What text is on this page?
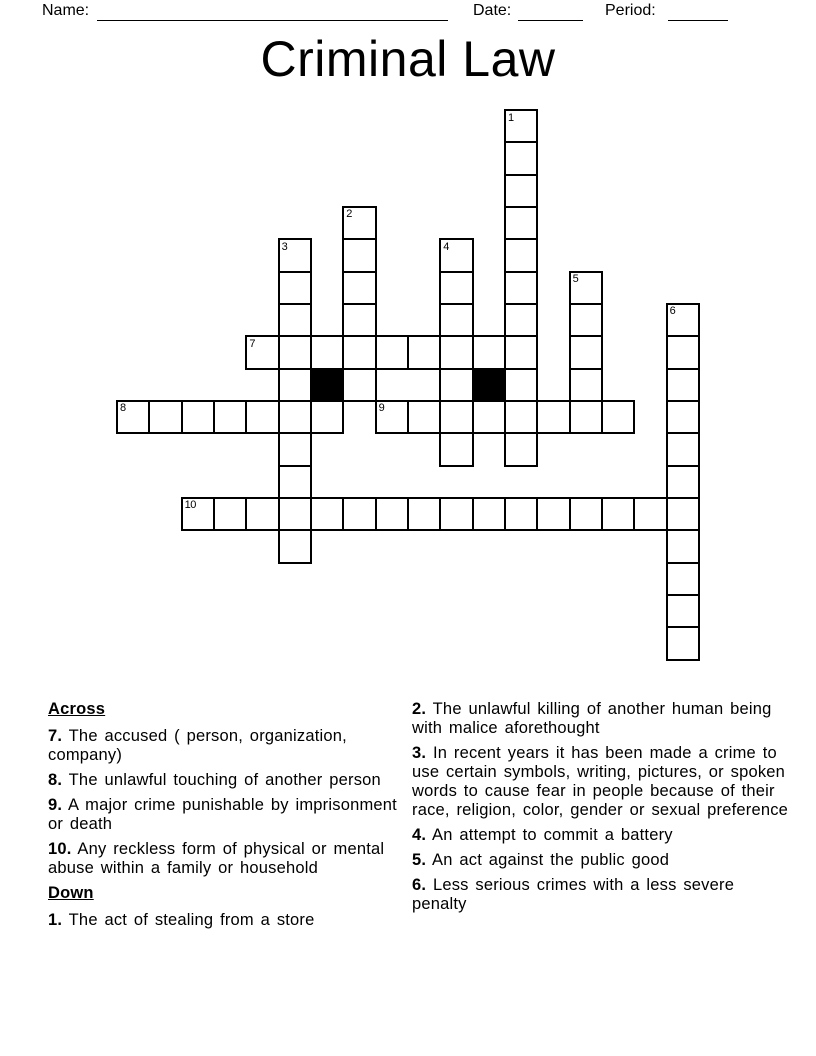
Name:	Date:	Period:
Criminal Law
1
2
3	4
5
6
7
8	9
10
Across

7. The accused ( person, organization, company)

8. The unlawful touching of another person

9. A major crime punishable by imprisonment or death

10. Any reckless form of physical or mental abuse within a family or household

Down

1. The act of stealing from a store

2. The unlawful killing of another human being with malice aforethought

3. In recent years it has been made a crime to use certain symbols, writing, pictures, or spoken words to cause fear in people because of their race, religion, color, gender or sexual preference

4. An attempt to commit a battery

5. An act against the public good

6. Less serious crimes with a less severe penalty
